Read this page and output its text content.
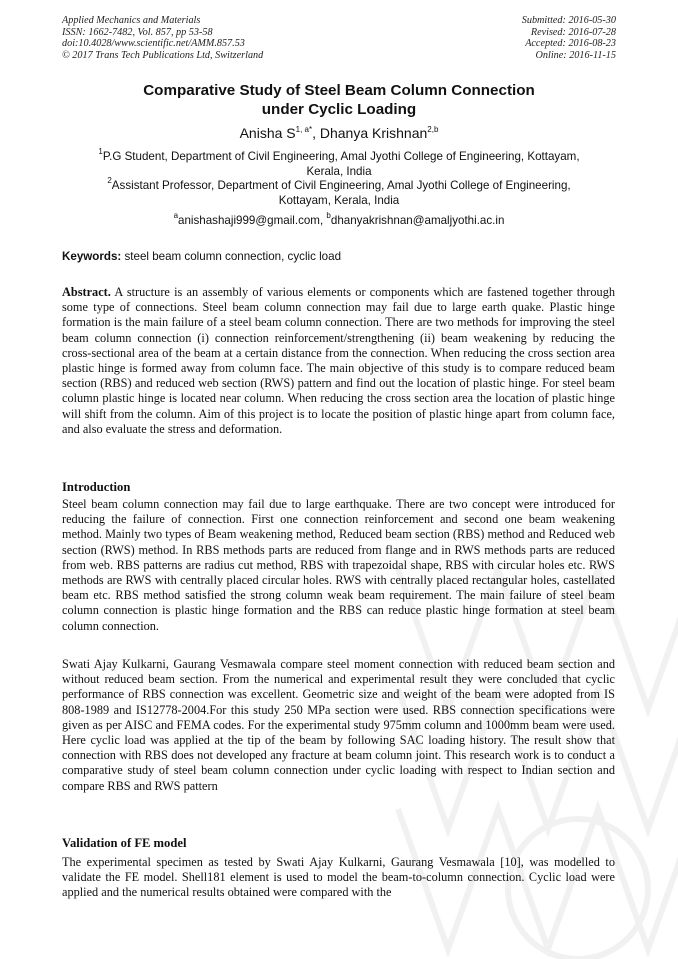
Applied Mechanics and Materials
ISSN: 1662-7482, Vol. 857, pp 53-58
doi:10.4028/www.scientific.net/AMM.857.53
© 2017 Trans Tech Publications Ltd, Switzerland
Submitted: 2016-05-30
Revised: 2016-07-28
Accepted: 2016-08-23
Online: 2016-11-15
Comparative Study of Steel Beam Column Connection
under Cyclic Loading
Anisha $S^{1, a*}$, Dhanya Krishnan$^{2,b}$
$^1$P.G Student, Department of Civil Engineering, Amal Jyothi College of Engineering, Kottayam,
Kerala, India
$^2$Assistant Professor, Department of Civil Engineering, Amal Jyothi College of Engineering,
Kottayam, Kerala, India
$^a$anishashaji999@gmail.com, $^b$dhanyakrishnan@amaljyothi.ac.in
Keywords: steel beam column connection, cyclic load

Abstract. A structure is an assembly of various elements or components which are fastened together through some type of connections. Steel beam column connection may fail due to large earth quake. Plastic hinge formation is the main failure of a steel beam column connection. There are two methods for improving the steel beam column connection (i) connection reinforcement/strengthening (ii) beam weakening by reducing the cross-sectional area of the beam at a certain distance from the connection. When reducing the cross section area plastic hinge is formed away from column face. The main objective of this study is to compare reduced beam section (RBS) and reduced web section (RWS) pattern and find out the location of plastic hinge. For steel beam column plastic hinge is located near column. When reducing the cross section area the location of plastic hinge will shift from the column. Aim of this project is to locate the position of plastic hinge apart from column face, and also evaluate the stress and deformation.

Introduction

Steel beam column connection may fail due to large earthquake. There are two concept were introduced for reducing the failure of connection. First one connection reinforcement and second one beam weakening method. Mainly two types of Beam weakening method, Reduced beam section (RBS) method and Reduced web section (RWS) method. In RBS methods parts are reduced from flange and in RWS methods parts are reduced from web. RBS patterns are radius cut method, RBS with trapezoidal shape, RBS with circular holes etc. RWS methods are RWS with centrally placed circular holes. RWS with centrally placed rectangular holes, castellated beam etc. RBS method satisfied the strong column weak beam requirement. The main failure of steel beam column connection is plastic hinge formation and the RBS can reduce plastic hinge formation at steel beam column connection.

Swati Ajay Kulkarni, Gaurang Vesmawala compare steel moment connection with reduced beam section and without reduced beam section. From the numerical and experimental result they were concluded that cyclic performance of RBS connection was excellent. Geometric size and weight of the beam were adopted from IS 808-1989 and IS12778-2004.For this study 250 MPa section were used. RBS connection specifications were given as per AISC and FEMA codes. For the experimental study 975mm column and 1000mm beam were used. Here cyclic load was applied at the tip of the beam by following SAC loading history. The result show that connection with RBS does not developed any fracture at beam column joint. This research work is to conduct a comparative study of steel beam column connection under cyclic loading with respect to Indian section and compare RBS and RWS pattern

Validation of FE model

The experimental specimen as tested by Swati Ajay Kulkarni, Gaurang Vesmawala [10], was modelled to validate the FE model. Shell181 element is used to model the beam-to-column connection. Cyclic load were applied and the numerical results obtained were compared with the
